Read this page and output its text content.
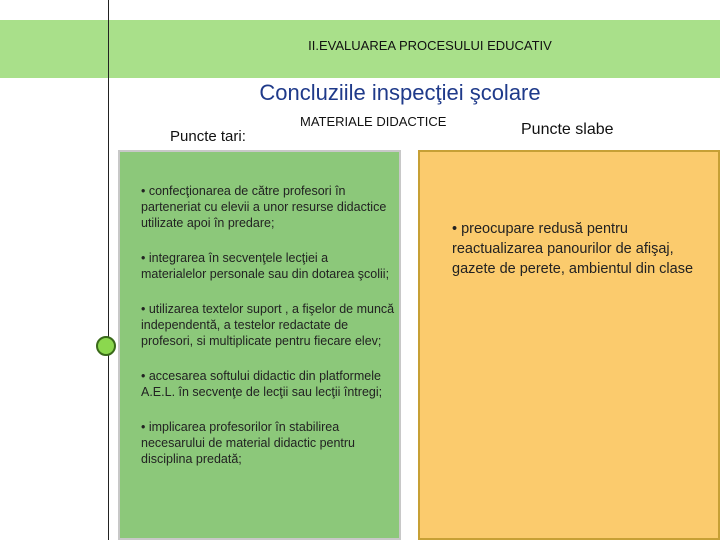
II.EVALUAREA PROCESULUI EDUCATIV
Concluziile inspecţiei şcolare
Puncte tari:
MATERIALE DIDACTICE	Puncte slabe

• confecţionarea de către profesori în parteneriat cu elevii a unor resurse didactice utilizate apoi în predare;

• integrarea în secvenţele lecţiei a materialelor personale sau din dotarea şcolii;

• utilizarea textelor suport , a fişelor de muncă independentă, a testelor redactate de profesori, si multiplicate pentru fiecare elev;

• accesarea softului didactic din platformele A.E.L. în secvenţe de lecţii sau lecţii întregi;

• implicarea profesorilor în stabilirea necesarului de material didactic pentru disciplina predată;

• preocupare redusă pentru reactualizarea panourilor de afişaj, gazete de perete, ambientul din clase
